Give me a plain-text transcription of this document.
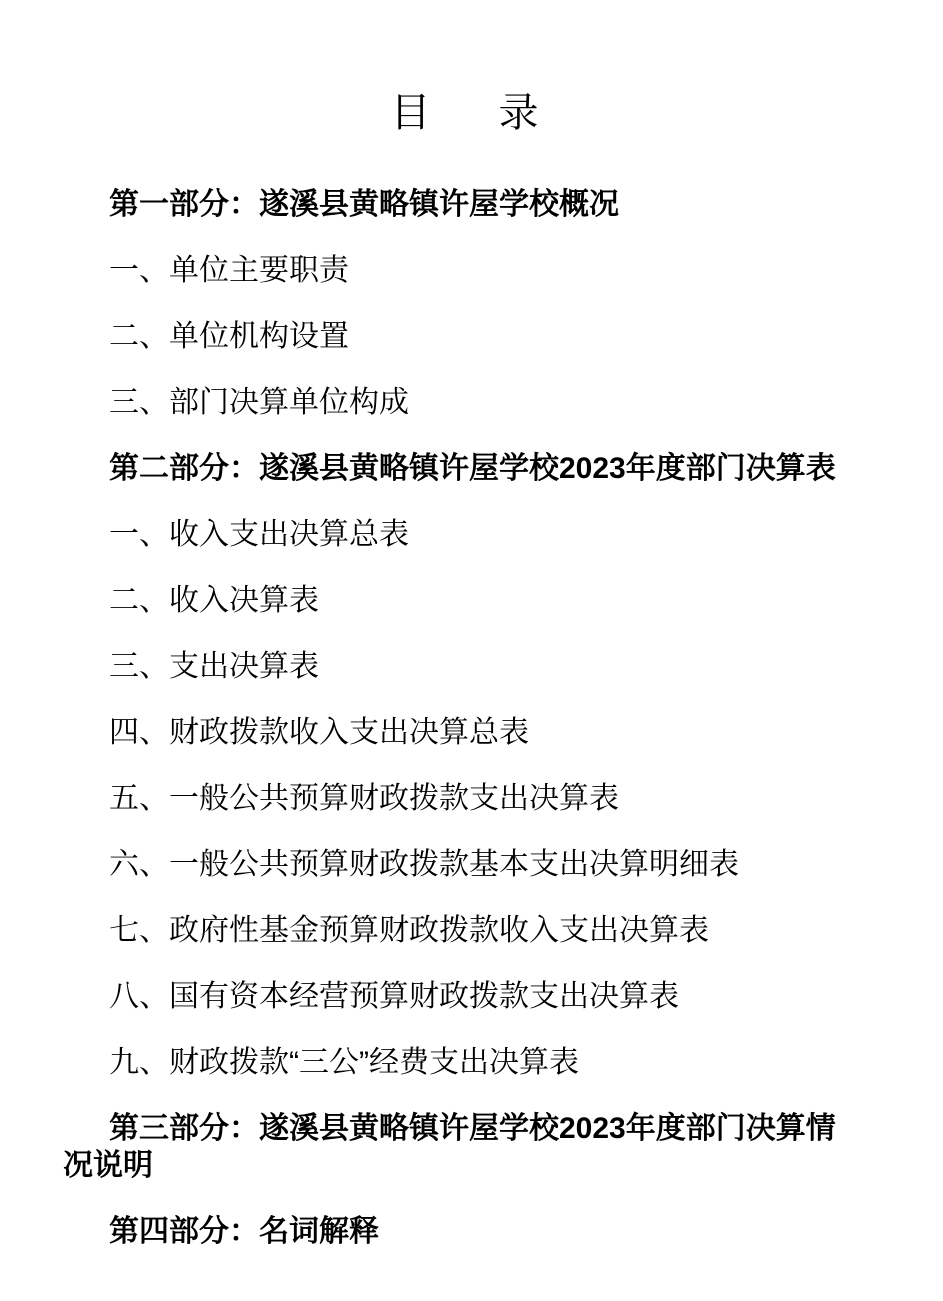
目　录
第一部分：遂溪县黄略镇许屋学校概况
一、单位主要职责
二、单位机构设置
三、部门决算单位构成
第二部分：遂溪县黄略镇许屋学校2023年度部门决算表
一、收入支出决算总表
二、收入决算表
三、支出决算表
四、财政拨款收入支出决算总表
五、一般公共预算财政拨款支出决算表
六、一般公共预算财政拨款基本支出决算明细表
七、政府性基金预算财政拨款收入支出决算表
八、国有资本经营预算财政拨款支出决算表
九、财政拨款“三公”经费支出决算表
第三部分：遂溪县黄略镇许屋学校2023年度部门决算情况说明
第四部分：名词解释
